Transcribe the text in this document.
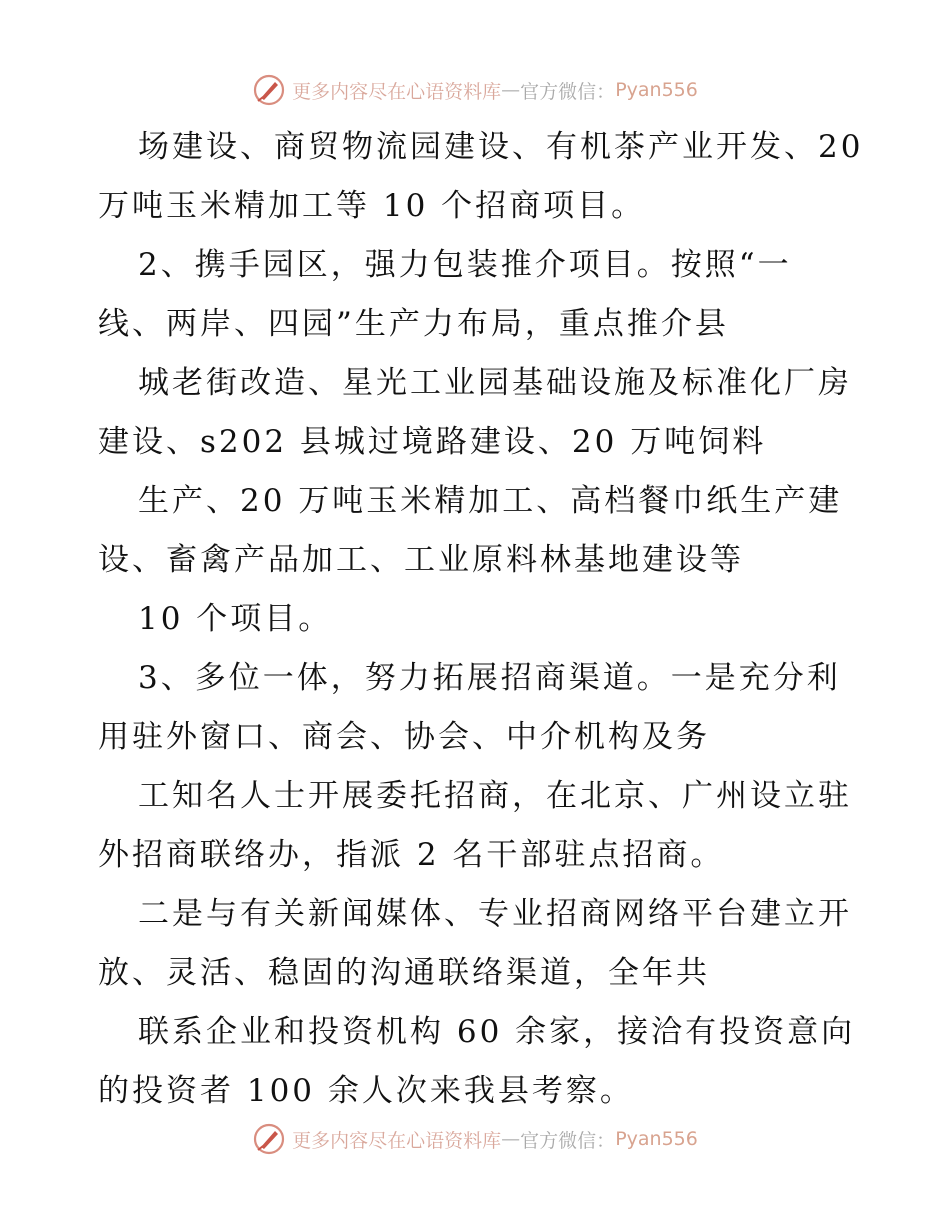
更多内容尽在心语资料库 — 官方微信： Pyan556
场建设、商贸物流园建设、有机茶产业开发、20
万吨玉米精加工等 10 个招商项目。
2、携手园区，强力包装推介项目。按照“一
线、两岸、四园”生产力布局，重点推介县
城老街改造、星光工业园基础设施及标准化厂房
建设、s202 县城过境路建设、20 万吨饲料
生产、20 万吨玉米精加工、高档餐巾纸生产建
设、畜禽产品加工、工业原料林基地建设等
10 个项目。
3、多位一体，努力拓展招商渠道。一是充分利
用驻外窗口、商会、协会、中介机构及务
工知名人士开展委托招商，在北京、广州设立驻
外招商联络办，指派 2 名干部驻点招商。
二是与有关新闻媒体、专业招商网络平台建立开
放、灵活、稳固的沟通联络渠道，全年共
联系企业和投资机构 60 余家，接洽有投资意向
的投资者 100 余人次来我县考察。
更多内容尽在心语资料库 — 官方微信： Pyan556
